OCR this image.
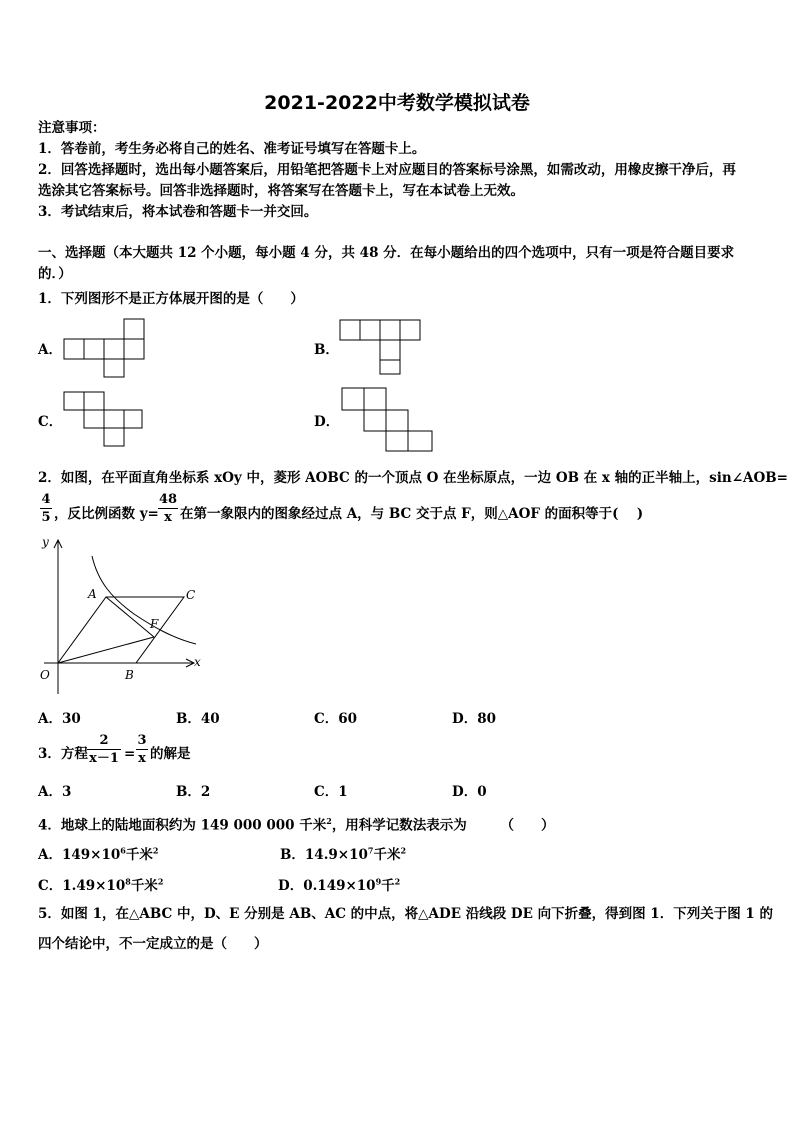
2021-2022中考数学模拟试卷
注意事项：
1．答卷前，考生务必将自己的姓名、准考证号填写在答题卡上。
2．回答选择题时，选出每小题答案后，用铅笔把答题卡上对应题目的答案标号涂黑，如需改动，用橡皮擦干净后，再
选涂其它答案标号。回答非选择题时，将答案写在答题卡上，写在本试卷上无效。
3．考试结束后，将本试卷和答题卡一并交回。
一、选择题（本大题共 12 个小题，每小题 4 分，共 48 分．在每小题给出的四个选项中，只有一项是符合题目要求
的．）
1．下列图形不是正方体展开图的是（　　）
A．	B．
C．	D．
2．如图，在平面直角坐标系 xOy 中，菱形 AOBC 的一个顶点 O 在坐标原点，一边 OB 在 x 轴的正半轴上，sin∠AOB=
4
5 ，反比例函数 y=
48
x 在第一象限内的图象经过点 A，与 BC 交于点 F，则△AOF 的面积等于(　 )
y
x
O
A
B
C
F
A．30	B．40	C．60	D．80
3．方程
2
x－1 =
3
x 的解是
A．3	B．2	C．1	D．0
4．地球上的陆地面积约为 149 000 000 千米$^2$，用科学记数法表示为　　　（　　）
A．$149\times 10^6$千米$^2$	B．$14.9\times 10^7$千米$^2$
C．$1.49\times 10^8$千米$^2$	D．$0.149\times 10^9$千$^2$
5．如图 1，在△ABC 中，D、E 分别是 AB、AC 的中点，将△ADE 沿线段 DE 向下折叠，得到图 1．下列关于图 1 的
四个结论中，不一定成立的是（　　）
